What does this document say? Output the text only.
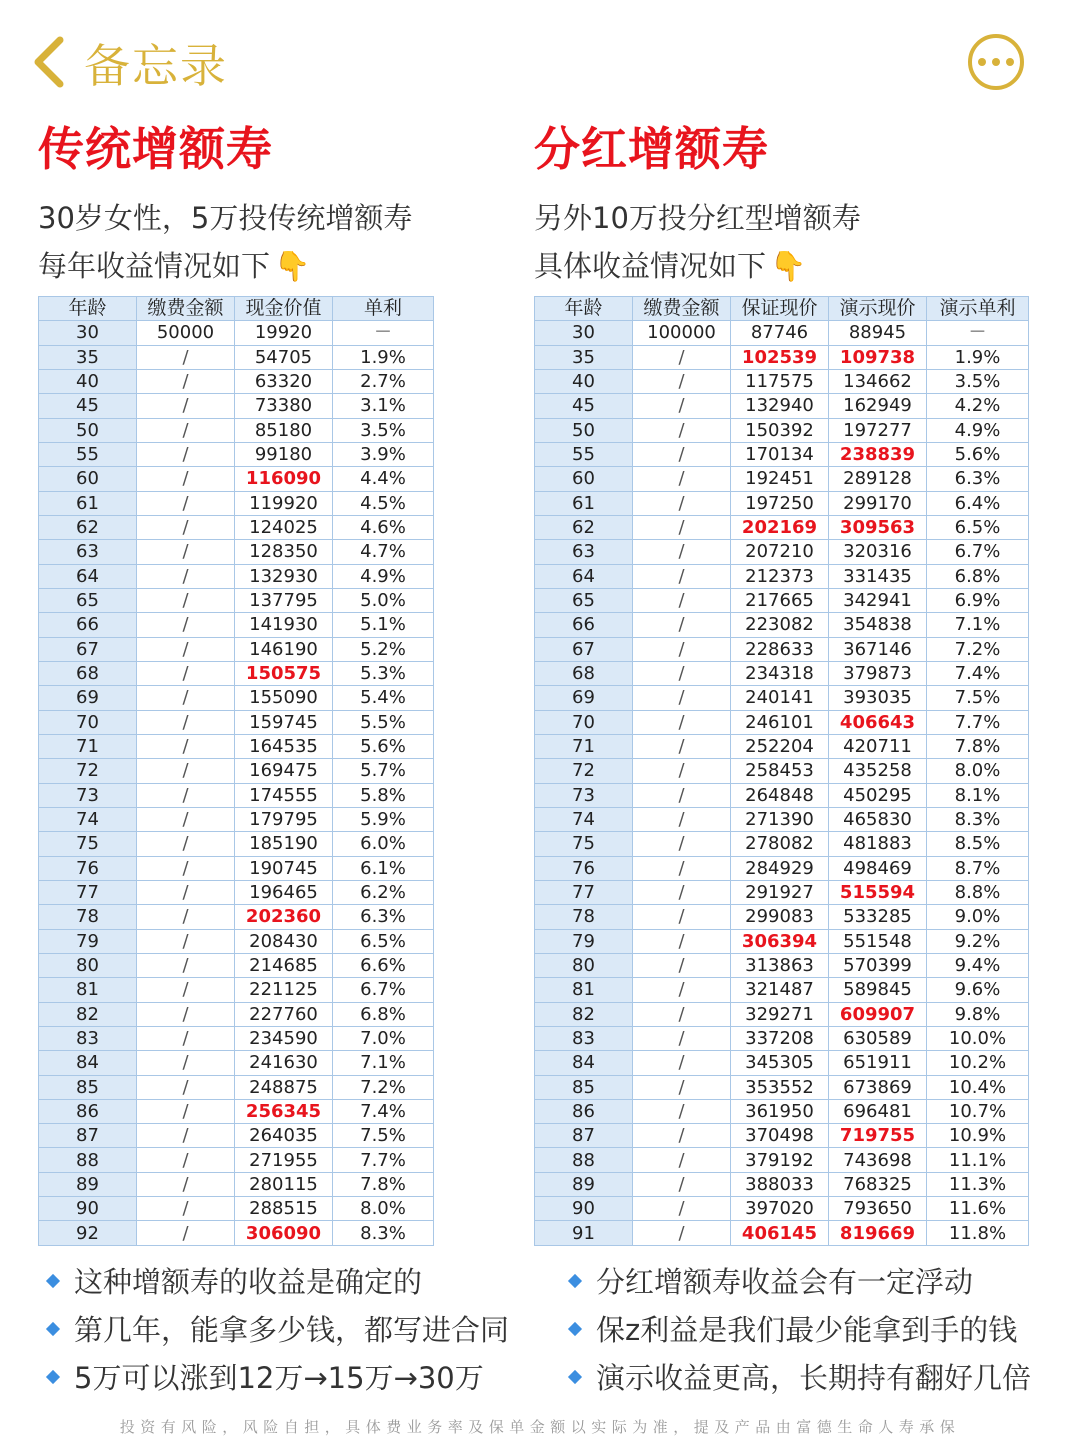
备忘录
传统增额寿
30岁女性，5万投传统增额寿
每年收益情况如下 👇
分红增额寿
另外10万投分红型增额寿
具体收益情况如下 👇
年龄	缴费金额	现金价值	单利
30	50000	19920	－
35	/	54705	1.9%
40	/	63320	2.7%
45	/	73380	3.1%
50	/	85180	3.5%
55	/	99180	3.9%
60	/	116090	4.4%
61	/	119920	4.5%
62	/	124025	4.6%
63	/	128350	4.7%
64	/	132930	4.9%
65	/	137795	5.0%
66	/	141930	5.1%
67	/	146190	5.2%
68	/	150575	5.3%
69	/	155090	5.4%
70	/	159745	5.5%
71	/	164535	5.6%
72	/	169475	5.7%
73	/	174555	5.8%
74	/	179795	5.9%
75	/	185190	6.0%
76	/	190745	6.1%
77	/	196465	6.2%
78	/	202360	6.3%
79	/	208430	6.5%
80	/	214685	6.6%
81	/	221125	6.7%
82	/	227760	6.8%
83	/	234590	7.0%
84	/	241630	7.1%
85	/	248875	7.2%
86	/	256345	7.4%
87	/	264035	7.5%
88	/	271955	7.7%
89	/	280115	7.8%
90	/	288515	8.0%
92	/	306090	8.3%
年龄	缴费金额	保证现价	演示现价	演示单利
30	100000	87746	88945	－
35	/	102539	109738	1.9%
40	/	117575	134662	3.5%
45	/	132940	162949	4.2%
50	/	150392	197277	4.9%
55	/	170134	238839	5.6%
60	/	192451	289128	6.3%
61	/	197250	299170	6.4%
62	/	202169	309563	6.5%
63	/	207210	320316	6.7%
64	/	212373	331435	6.8%
65	/	217665	342941	6.9%
66	/	223082	354838	7.1%
67	/	228633	367146	7.2%
68	/	234318	379873	7.4%
69	/	240141	393035	7.5%
70	/	246101	406643	7.7%
71	/	252204	420711	7.8%
72	/	258453	435258	8.0%
73	/	264848	450295	8.1%
74	/	271390	465830	8.3%
75	/	278082	481883	8.5%
76	/	284929	498469	8.7%
77	/	291927	515594	8.8%
78	/	299083	533285	9.0%
79	/	306394	551548	9.2%
80	/	313863	570399	9.4%
81	/	321487	589845	9.6%
82	/	329271	609907	9.8%
83	/	337208	630589	10.0%
84	/	345305	651911	10.2%
85	/	353552	673869	10.4%
86	/	361950	696481	10.7%
87	/	370498	719755	10.9%
88	/	379192	743698	11.1%
89	/	388033	768325	11.3%
90	/	397020	793650	11.6%
91	/	406145	819669	11.8%
这种增额寿的收益是确定的
第几年，能拿多少钱，都写进合同
5万可以涨到12万→15万→30万
分红增额寿收益会有一定浮动
保z利益是我们最少能拿到手的钱
演示收益更高，长期持有翻好几倍
投资有风险，风险自担，具体费业务率及保单金额以实际为准，提及产品由富德生命人寿承保
